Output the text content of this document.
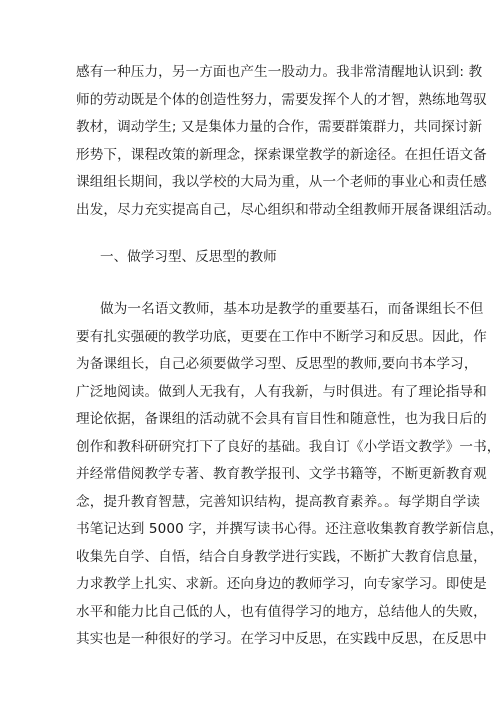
感有一种压力，另一方面也产生一股动力。我非常清醒地认识到: 教
师的劳动既是个体的创造性努力，需要发挥个人的才智，熟练地驾驭
教材，调动学生; 又是集体力量的合作，需要群策群力，共同探讨新
形势下，课程改策的新理念，探索课堂教学的新途径。在担任语文备
课组组长期间，我以学校的大局为重，从一个老师的事业心和责任感
出发，尽力充实提高自己，尽心组织和带动全组教师开展备课组活动。
一、做学习型、反思型的教师
做为一名语文教师，基本功是教学的重要基石，而备课组长不但
要有扎实强硬的教学功底，更要在工作中不断学习和反思。因此，作
为备课组长，自己必须要做学习型、反思型的教师,要向书本学习，
广泛地阅读。做到人无我有，人有我新，与时俱进。有了理论指导和
理论依据，备课组的活动就不会具有盲目性和随意性，也为我日后的
创作和教科研研究打下了良好的基础。我自订《小学语文教学》一书，
并经常借阅教学专著、教育教学报刊、文学书籍等，不断更新教育观
念，提升教育智慧，完善知识结构，提高教育素养。。每学期自学读
书笔记达到 5000 字，并撰写读书心得。还注意收集教育教学新信息，
收集先自学、自悟，结合自身教学进行实践，不断扩大教育信息量，
力求教学上扎实、求新。还向身边的教师学习，向专家学习。即使是
水平和能力比自己低的人，也有值得学习的地方，总结他人的失败，
其实也是一种很好的学习。在学习中反思，在实践中反思，在反思中
